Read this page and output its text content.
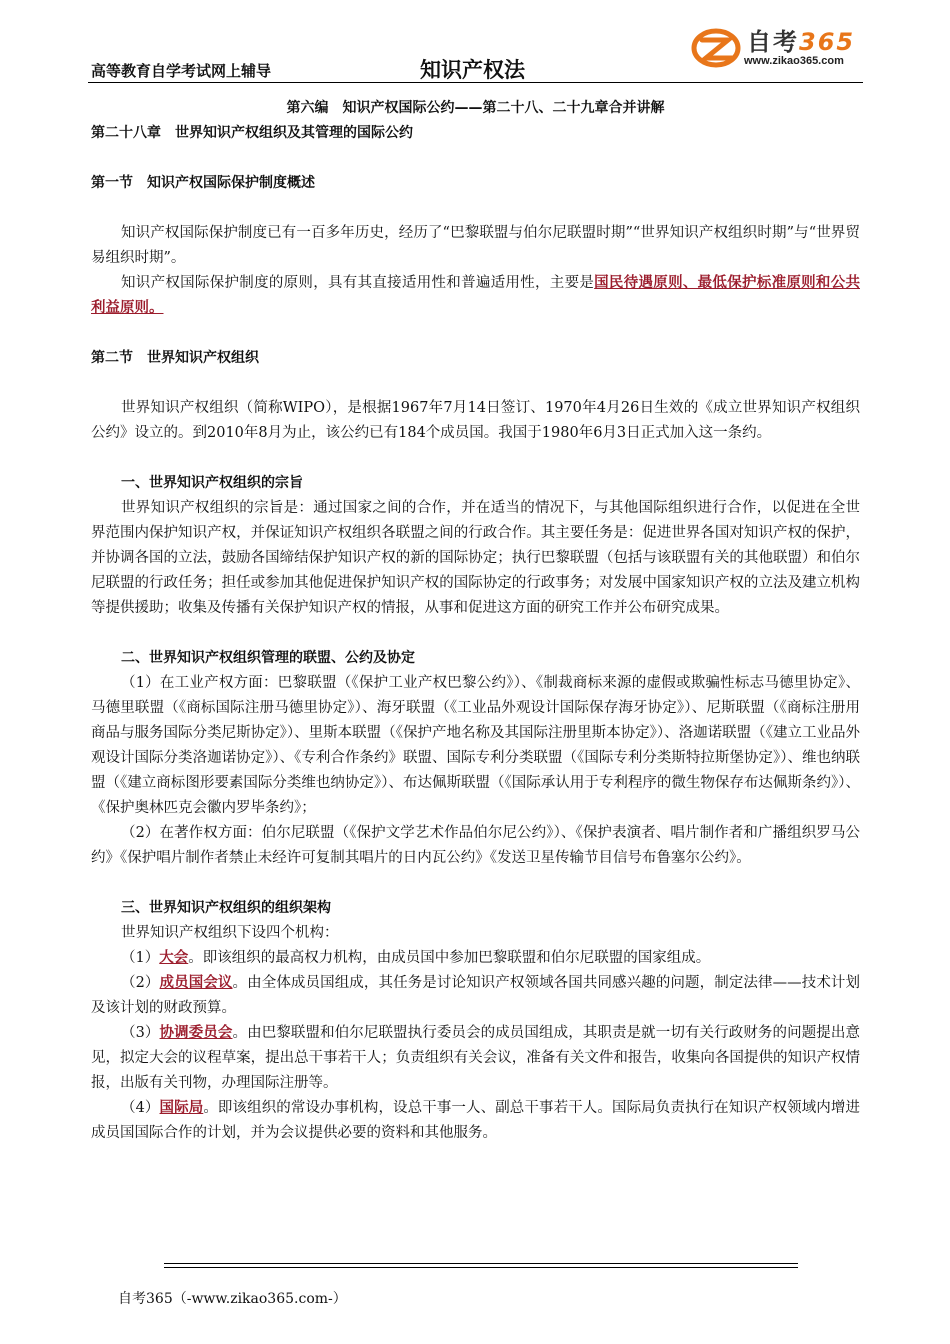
高等教育自学考试网上辅导	知识产权法
自考365
www.zikao365.com
第六编　知识产权国际公约——第二十八、二十九章合并讲解
第二十八章　世界知识产权组织及其管理的国际公约
第一节　知识产权国际保护制度概述

知识产权国际保护制度已有一百多年历史，经历了“巴黎联盟与伯尔尼联盟时期”“世界知识产权组织时期”与“世界贸易组织时期”。

知识产权国际保护制度的原则，具有其直接适用性和普遍适用性，主要是国民待遇原则、最低保护标准原则和公共利益原则。

第二节　世界知识产权组织

世界知识产权组织（简称WIPO），是根据1967年7月14日签订、1970年4月26日生效的《成立世界知识产权组织公约》设立的。到2010年8月为止，该公约已有184个成员国。我国于1980年6月3日正式加入这一条约。

一、世界知识产权组织的宗旨

世界知识产权组织的宗旨是：通过国家之间的合作，并在适当的情况下，与其他国际组织进行合作，以促进在全世界范围内保护知识产权，并保证知识产权组织各联盟之间的行政合作。其主要任务是：促进世界各国对知识产权的保护，并协调各国的立法，鼓励各国缔结保护知识产权的新的国际协定；执行巴黎联盟（包括与该联盟有关的其他联盟）和伯尔尼联盟的行政任务；担任或参加其他促进保护知识产权的国际协定的行政事务；对发展中国家知识产权的立法及建立机构等提供援助；收集及传播有关保护知识产权的情报，从事和促进这方面的研究工作并公布研究成果。

二、世界知识产权组织管理的联盟、公约及协定

（1）在工业产权方面：巴黎联盟（《保护工业产权巴黎公约》）、《制裁商标来源的虚假或欺骗性标志马德里协定》、马德里联盟（《商标国际注册马德里协定》）、海牙联盟（《工业品外观设计国际保存海牙协定》）、尼斯联盟（《商标注册用商品与服务国际分类尼斯协定》）、里斯本联盟（《保护产地名称及其国际注册里斯本协定》）、洛迦诺联盟（《建立工业品外观设计国际分类洛迦诺协定》）、《专利合作条约》联盟、国际专利分类联盟（《国际专利分类斯特拉斯堡协定》）、维也纳联盟（《建立商标图形要素国际分类维也纳协定》）、布达佩斯联盟（《国际承认用于专利程序的微生物保存布达佩斯条约》）、《保护奥林匹克会徽内罗毕条约》；

（2）在著作权方面：伯尔尼联盟（《保护文学艺术作品伯尔尼公约》）、《保护表演者、唱片制作者和广播组织罗马公约》《保护唱片制作者禁止未经许可复制其唱片的日内瓦公约》《发送卫星传输节目信号布鲁塞尔公约》。

三、世界知识产权组织的组织架构

世界知识产权组织下设四个机构：

（1）大会。即该组织的最高权力机构，由成员国中参加巴黎联盟和伯尔尼联盟的国家组成。

（2）成员国会议。由全体成员国组成，其任务是讨论知识产权领域各国共同感兴趣的问题，制定法律——技术计划及该计划的财政预算。

（3）协调委员会。由巴黎联盟和伯尔尼联盟执行委员会的成员国组成，其职责是就一切有关行政财务的问题提出意见，拟定大会的议程草案，提出总干事若干人；负责组织有关会议，准备有关文件和报告，收集向各国提供的知识产权情报，出版有关刊物，办理国际注册等。

（4）国际局。即该组织的常设办事机构，设总干事一人、副总干事若干人。国际局负责执行在知识产权领域内增进成员国国际合作的计划，并为会议提供必要的资料和其他服务。

自考365（-www.zikao365.com-）
